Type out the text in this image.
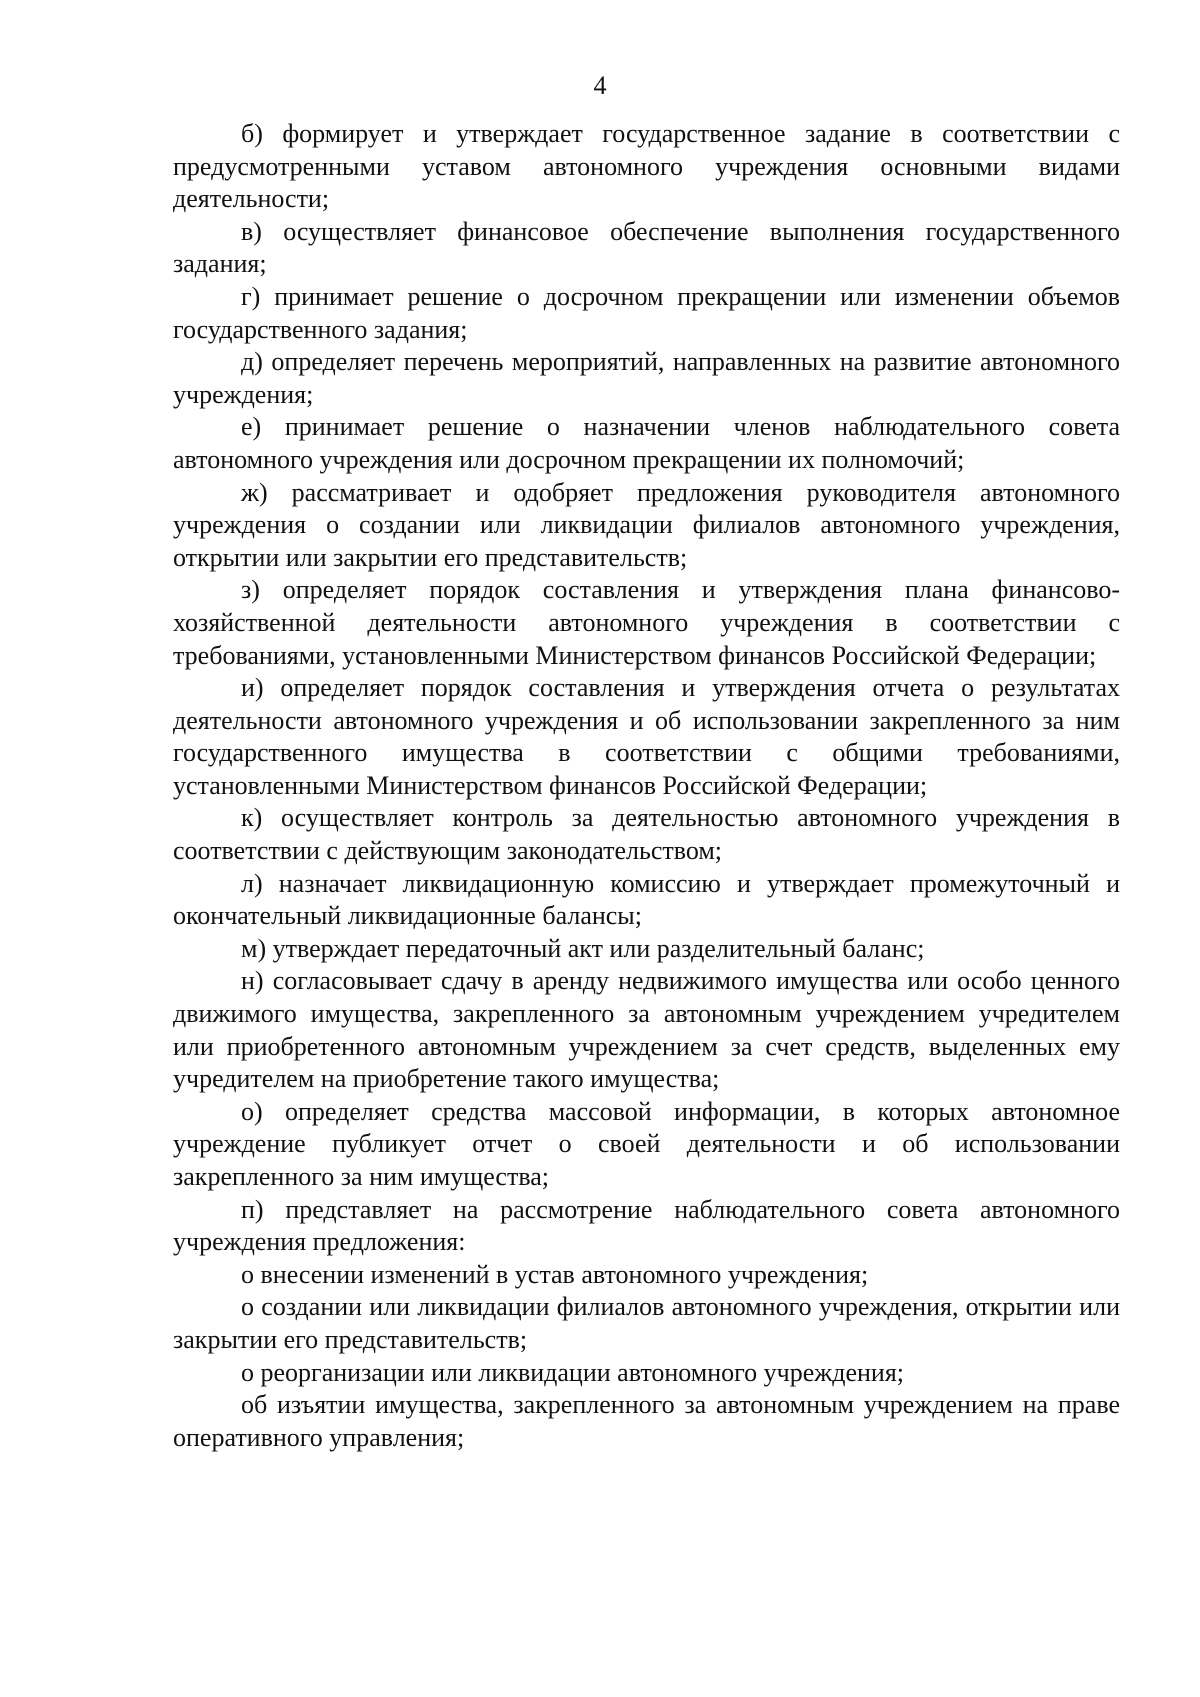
4

б) формирует и утверждает государственное задание в соответствии с предусмотренными уставом автономного учреждения основными видами деятельности;

в) осуществляет финансовое обеспечение выполнения государственного задания;

г) принимает решение о досрочном прекращении или изменении объемов государственного задания;

д) определяет перечень мероприятий, направленных на развитие автономного учреждения;

е) принимает решение о назначении членов наблюдательного совета автономного учреждения или досрочном прекращении их полномочий;

ж) рассматривает и одобряет предложения руководителя автономного учреждения о создании или ликвидации филиалов автономного учреждения, открытии или закрытии его представительств;

з) определяет порядок составления и утверждения плана финансово-хозяйственной деятельности автономного учреждения в соответствии с требованиями, установленными Министерством финансов Российской Федерации;

и) определяет порядок составления и утверждения отчета о результатах деятельности автономного учреждения и об использовании закрепленного за ним государственного имущества в соответствии с общими требованиями, установленными Министерством финансов Российской Федерации;

к) осуществляет контроль за деятельностью автономного учреждения в соответствии с действующим законодательством;

л) назначает ликвидационную комиссию и утверждает промежуточный и окончательный ликвидационные балансы;

м) утверждает передаточный акт или разделительный баланс;

н) согласовывает сдачу в аренду недвижимого имущества или особо ценного движимого имущества, закрепленного за автономным учреждением учредителем или приобретенного автономным учреждением за счет средств, выделенных ему учредителем на приобретение такого имущества;

о) определяет средства массовой информации, в которых автономное учреждение публикует отчет о своей деятельности и об использовании закрепленного за ним имущества;

п) представляет на рассмотрение наблюдательного совета автономного учреждения предложения:

о внесении изменений в устав автономного учреждения;

о создании или ликвидации филиалов автономного учреждения, открытии или закрытии его представительств;

о реорганизации или ликвидации автономного учреждения;

об изъятии имущества, закрепленного за автономным учреждением на праве оперативного управления;
